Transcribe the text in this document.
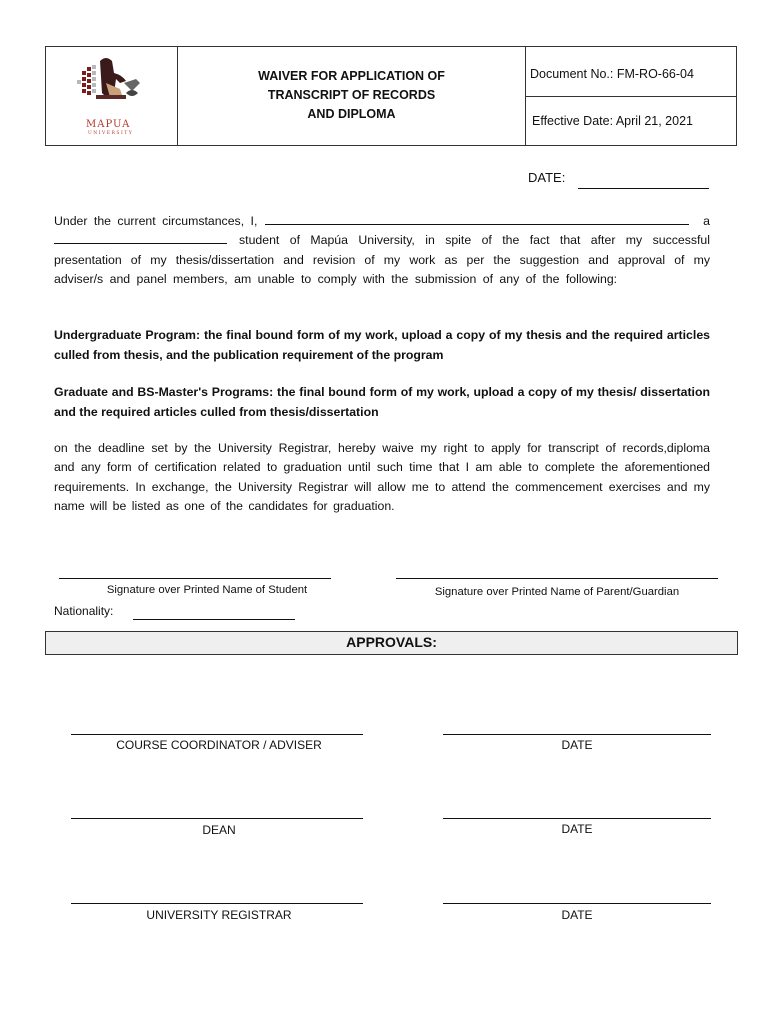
MAPUA
UNIVERSITY
WAIVER FOR APPLICATION OF
TRANSCRIPT OF RECORDS
AND DIPLOMA
Document No.: FM-RO-66-04
Effective Date: April 21, 2021
DATE:
Under the current circumstances, I,	a
student of Mapúa University, in spite of the fact that after my successful presentation of my thesis/dissertation and revision of my work as per the suggestion and approval of my adviser/s and panel members, am unable to comply with the submission of any of the following:
Undergraduate Program: the final bound form of my work, upload a copy of my thesis and the required articles culled from thesis, and the publication requirement of the program
Graduate and BS-Master's Programs: the final bound form of my work, upload a copy of my thesis/ dissertation and the required articles culled from thesis/dissertation
on the deadline set by the University Registrar, hereby waive my right to apply for transcript of records,diploma and any form of certification related to graduation until such time that I am able to complete the aforementioned requirements. In exchange, the University Registrar will allow me to attend the commencement exercises and my name will be listed as one of the candidates for graduation.
Signature over Printed Name of Student	Signature over Printed Name of Parent/Guardian
Nationality:
APPROVALS:
COURSE COORDINATOR / ADVISER	DATE
DEAN	DATE
UNIVERSITY REGISTRAR	DATE
